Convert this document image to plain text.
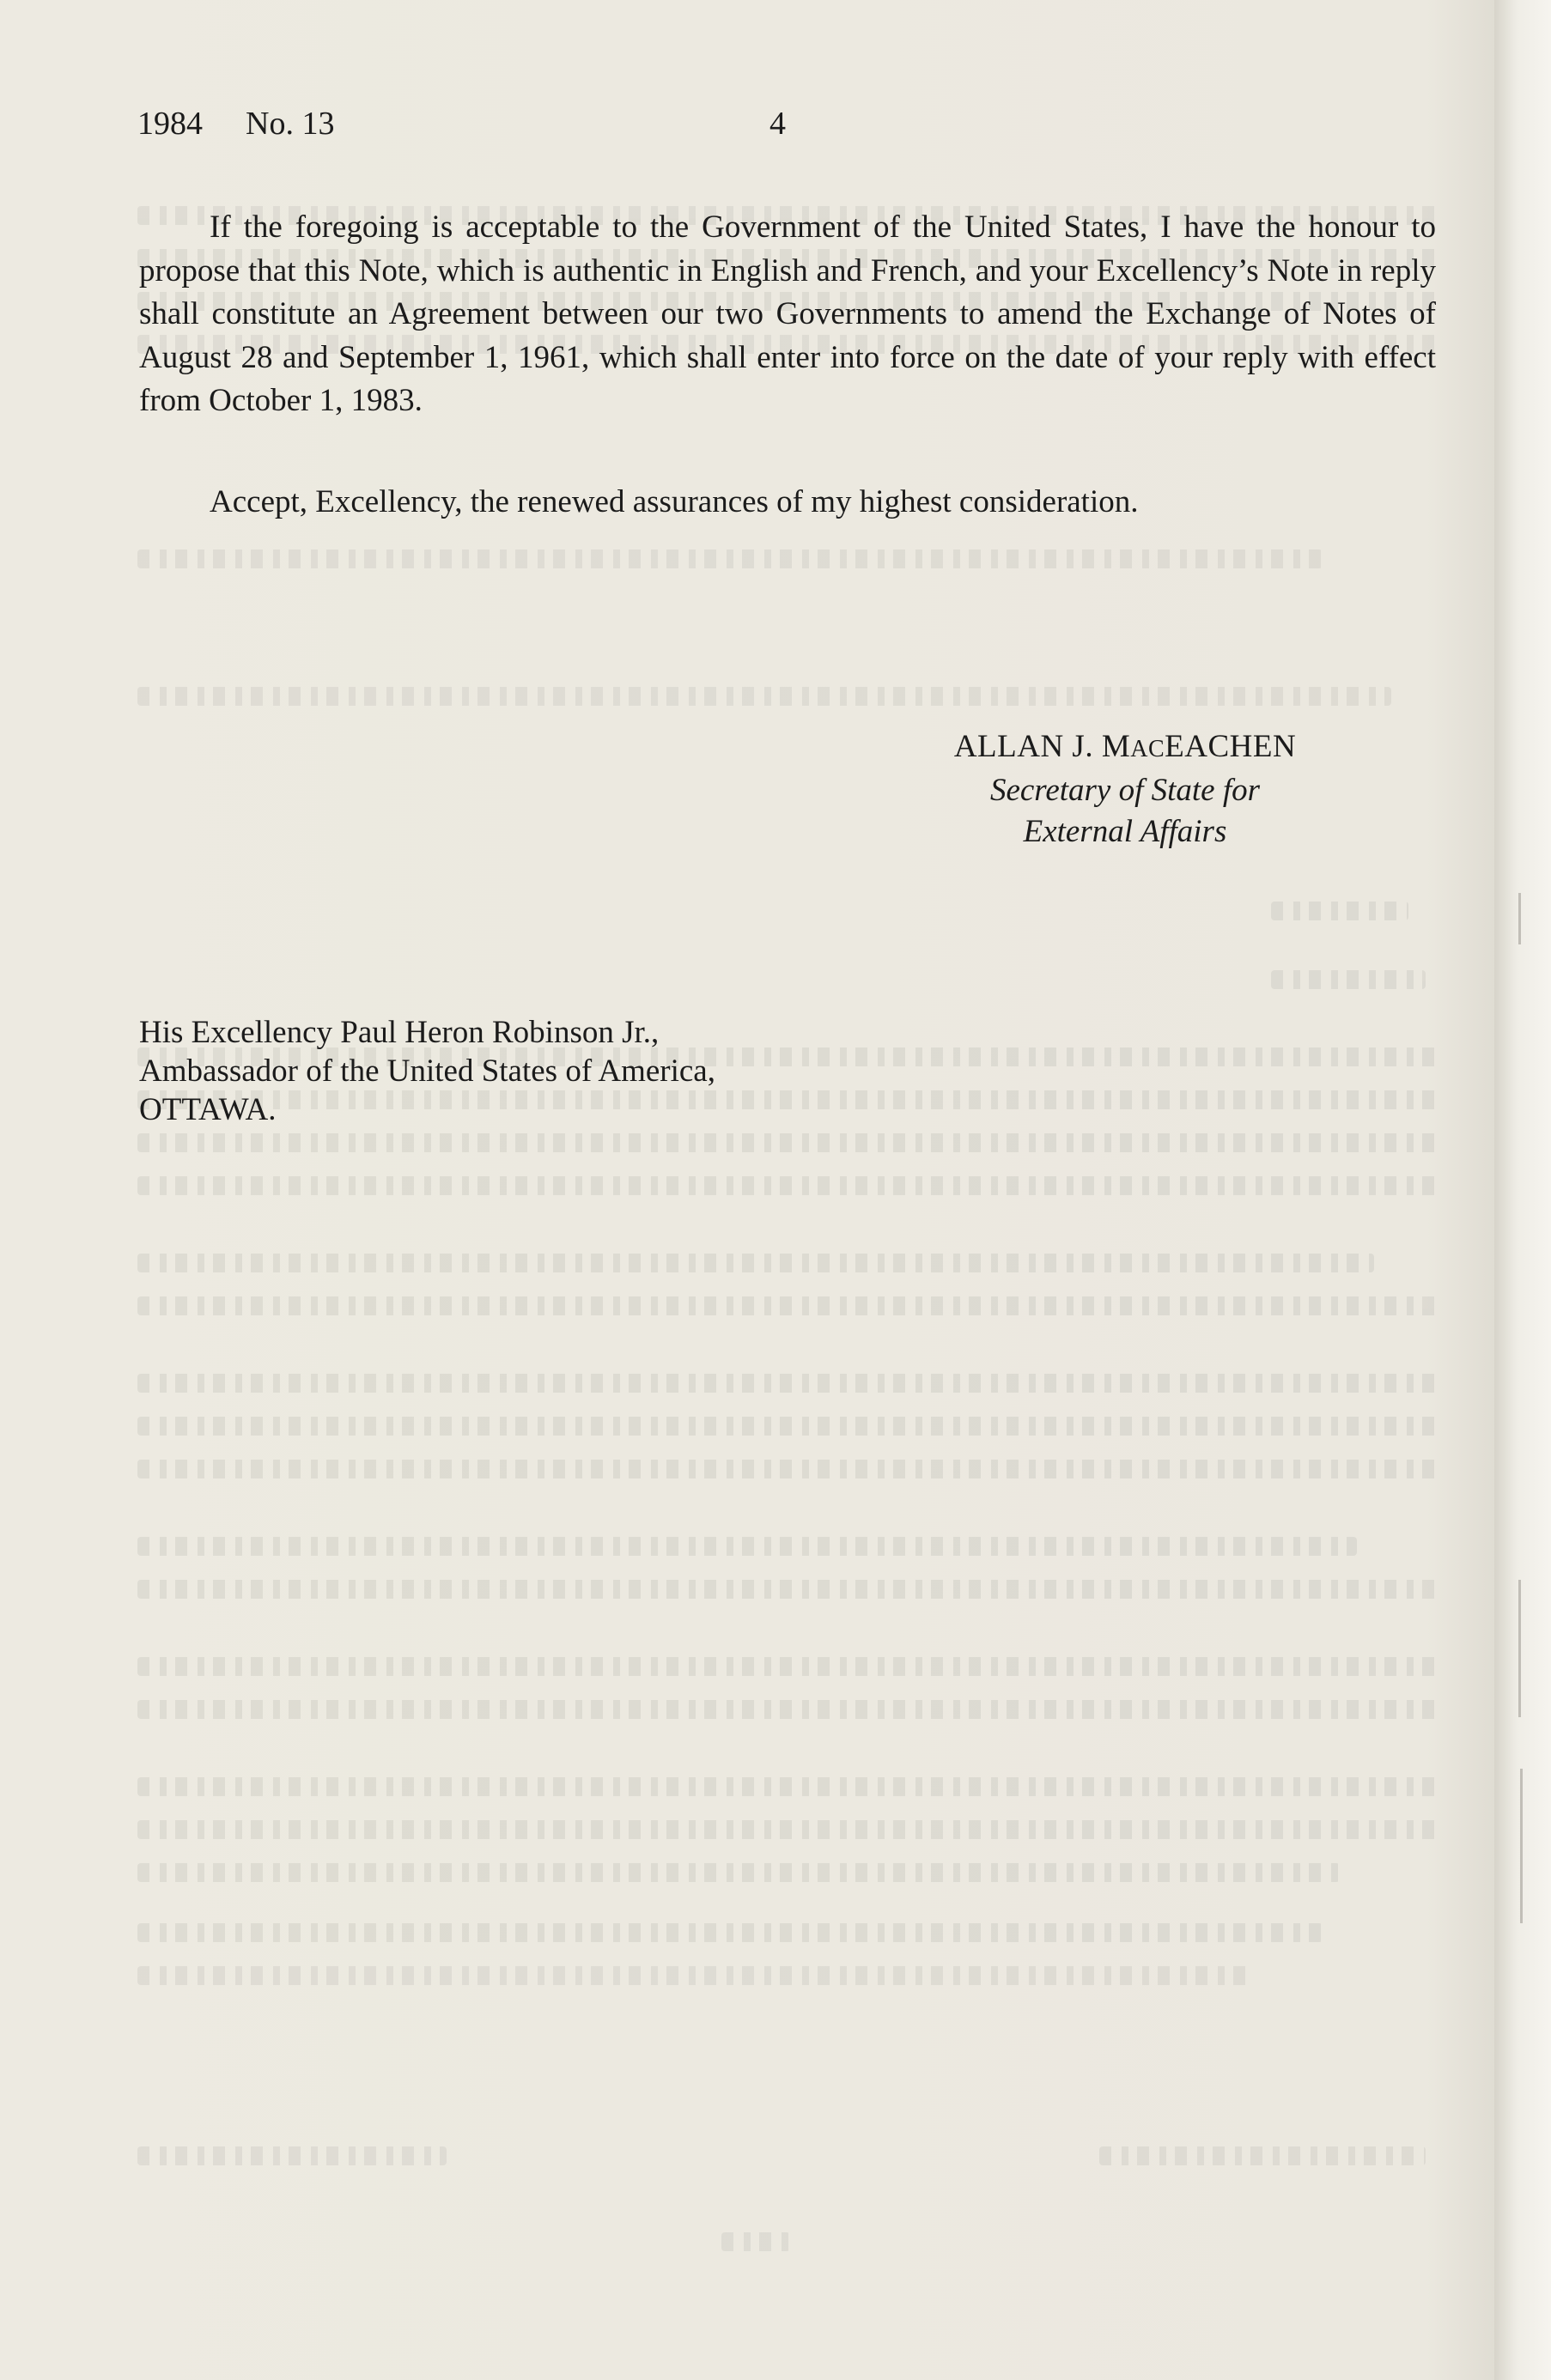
1984 No. 13	4
If the foregoing is acceptable to the Government of the United States, I have the honour to propose that this Note, which is authentic in English and French, and your Excellency’s Note in reply shall constitute an Agreement between our two Governments to amend the Exchange of Notes of August 28 and September 1, 1961, which shall enter into force on the date of your reply with effect from October 1, 1983.
Accept, Excellency, the renewed assurances of my highest consideration.
ALLAN J. MACEACHEN
Secretary of State for
External Affairs
His Excellency Paul Heron Robinson Jr.,
Ambassador of the United States of America,
OTTAWA.
